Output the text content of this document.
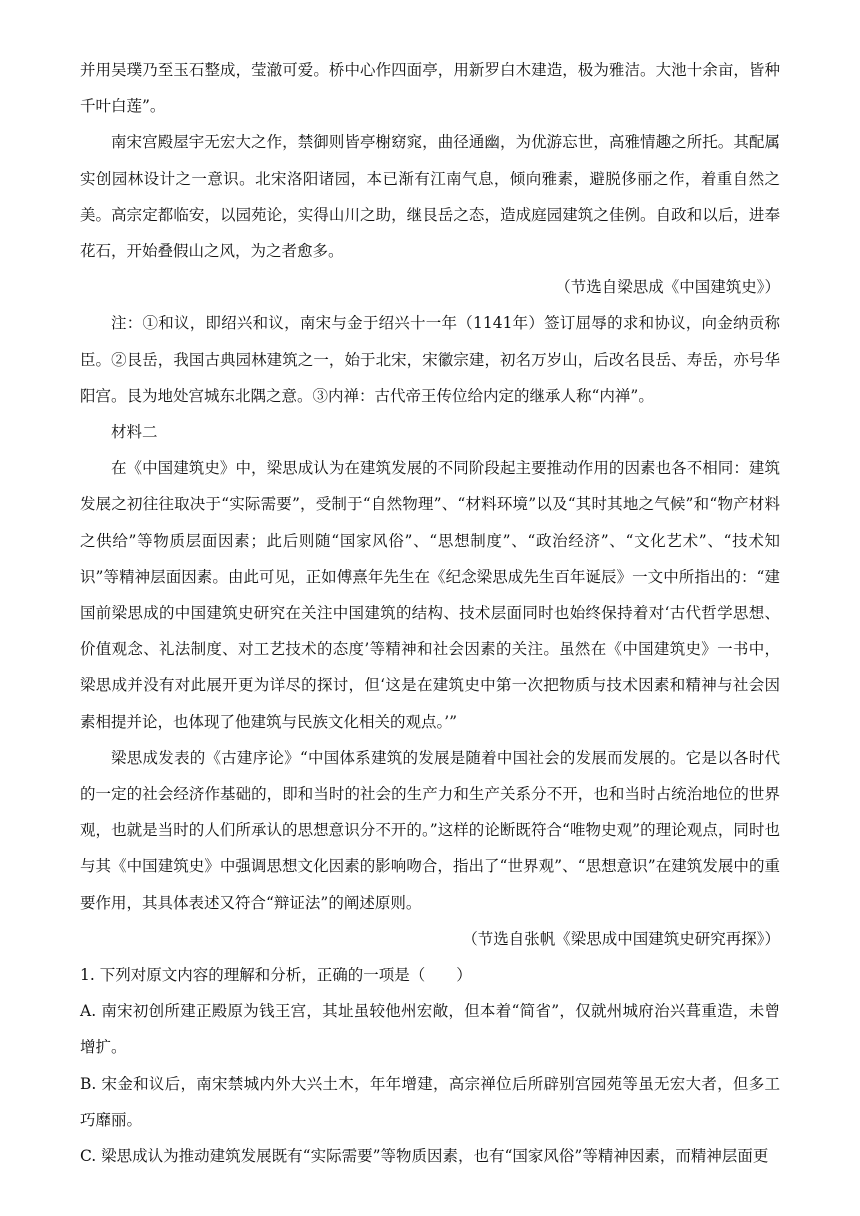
并用吴璞乃至玉石整成，莹澈可爱。桥中心作四面亭，用新罗白木建造，极为雅洁。大池十余亩，皆种千叶白莲”。

南宋宫殿屋宇无宏大之作，禁御则皆亭榭窈窕，曲径通幽，为优游忘世，高雅情趣之所托。其配属实创园林设计之一意识。北宋洛阳诸园，本已渐有江南气息，倾向雅素，避脱侈丽之作，着重自然之美。高宗定都临安，以园苑论，实得山川之助，继艮岳之态，造成庭园建筑之佳例。自政和以后，进奉花石，开始叠假山之风，为之者愈多。

（节选自梁思成《中国建筑史》）

注：①和议，即绍兴和议，南宋与金于绍兴十一年（1141年）签订屈辱的求和协议，向金纳贡称臣。②艮岳，我国古典园林建筑之一，始于北宋，宋徽宗建，初名万岁山，后改名艮岳、寿岳，亦号华阳宫。艮为地处宫城东北隅之意。③内禅：古代帝王传位给内定的继承人称“内禅”。

材料二

在《中国建筑史》中，梁思成认为在建筑发展的不同阶段起主要推动作用的因素也各不相同：建筑发展之初往往取决于“实际需要”，受制于“自然物理”、“材料环境”以及“其时其地之气候”和“物产材料之供给”等物质层面因素；此后则随“国家风俗”、“思想制度”、“政治经济”、“文化艺术”、“技术知识”等精神层面因素。由此可见，正如傅熹年先生在《纪念梁思成先生百年诞辰》一文中所指出的：“建国前梁思成的中国建筑史研究在关注中国建筑的结构、技术层面同时也始终保持着对‘古代哲学思想、价值观念、礼法制度、对工艺技术的态度’等精神和社会因素的关注。虽然在《中国建筑史》一书中，梁思成并没有对此展开更为详尽的探讨，但‘这是在建筑史中第一次把物质与技术因素和精神与社会因素相提并论，也体现了他建筑与民族文化相关的观点。’”

梁思成发表的《古建序论》“中国体系建筑的发展是随着中国社会的发展而发展的。它是以各时代的一定的社会经济作基础的，即和当时的社会的生产力和生产关系分不开，也和当时占统治地位的世界观，也就是当时的人们所承认的思想意识分不开的。”这样的论断既符合“唯物史观”的理论观点，同时也与其《中国建筑史》中强调思想文化因素的影响吻合，指出了“世界观”、“思想意识”在建筑发展中的重要作用，其具体表述又符合“辩证法”的阐述原则。

（节选自张帆《梁思成中国建筑史研究再探》）

1. 下列对原文内容的理解和分析，正确的一项是（　　）

A. 南宋初创所建正殿原为钱王宫，其址虽较他州宏敞，但本着“简省”，仅就州城府治兴葺重造，未曾增扩。

B. 宋金和议后，南宋禁城内外大兴土木，年年增建，高宗禅位后所辟别宫园苑等虽无宏大者，但多工巧靡丽。

C. 梁思成认为推动建筑发展既有“实际需要”等物质因素，也有“国家风俗”等精神因素，而精神层面更
